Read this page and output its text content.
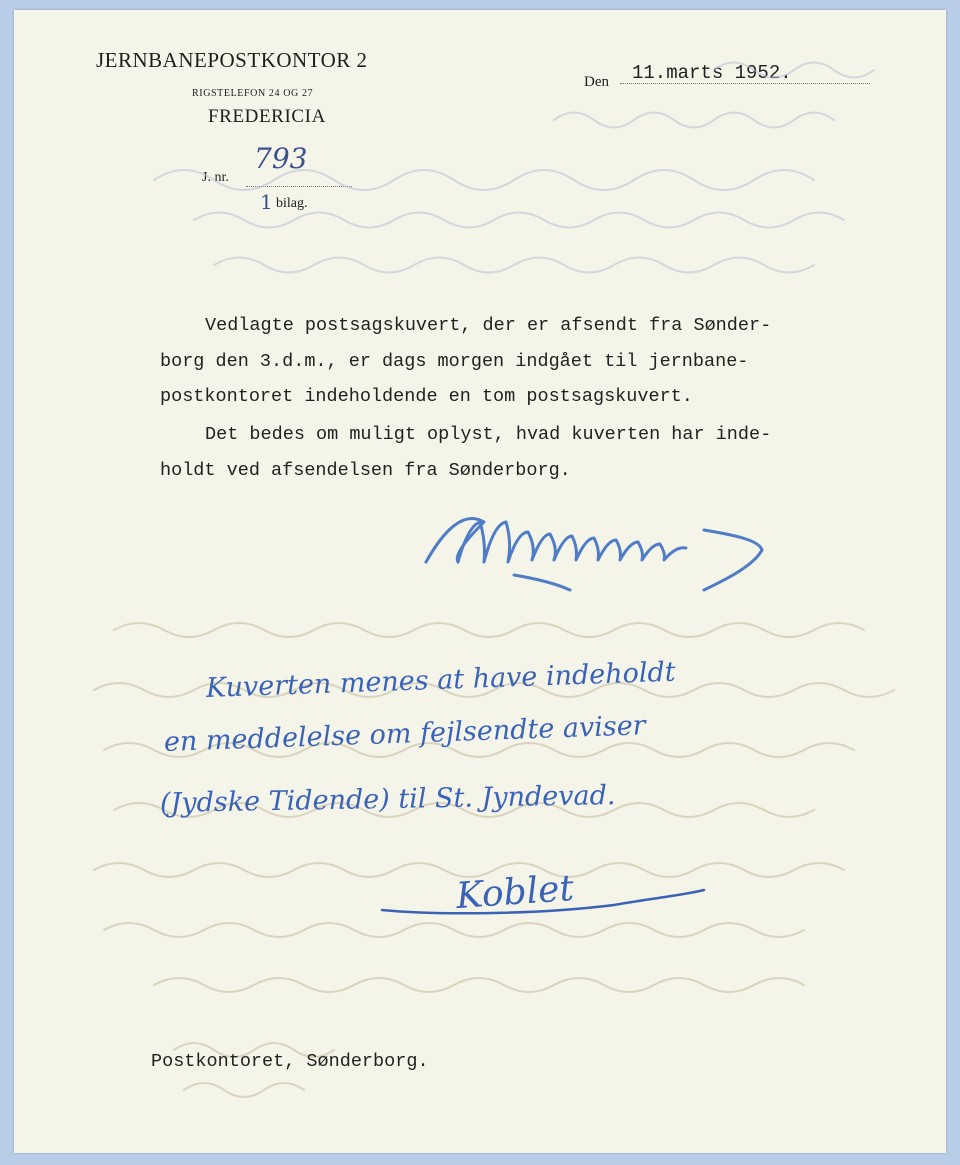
JERNBANEPOSTKONTOR 2
RIGSTELEFON 24 OG 27
FREDERICIA
J. nr.
793
1 bilag.
Den 11.marts 1952.
Vedlagte postsagskuvert, der er afsendt fra Sønder-
borg den 3.d.m., er dags morgen indgået til jernbane-
postkontoret indeholdende en tom postsagskuvert.
Det bedes om muligt oplyst, hvad kuverten har inde-
holdt ved afsendelsen fra Sønderborg.
Kuverten menes at have indeholdt
en meddelelse om fejlsendte aviser
(Jydske Tidende) til St. Jyndevad.
Koblet
Postkontoret, Sønderborg.
